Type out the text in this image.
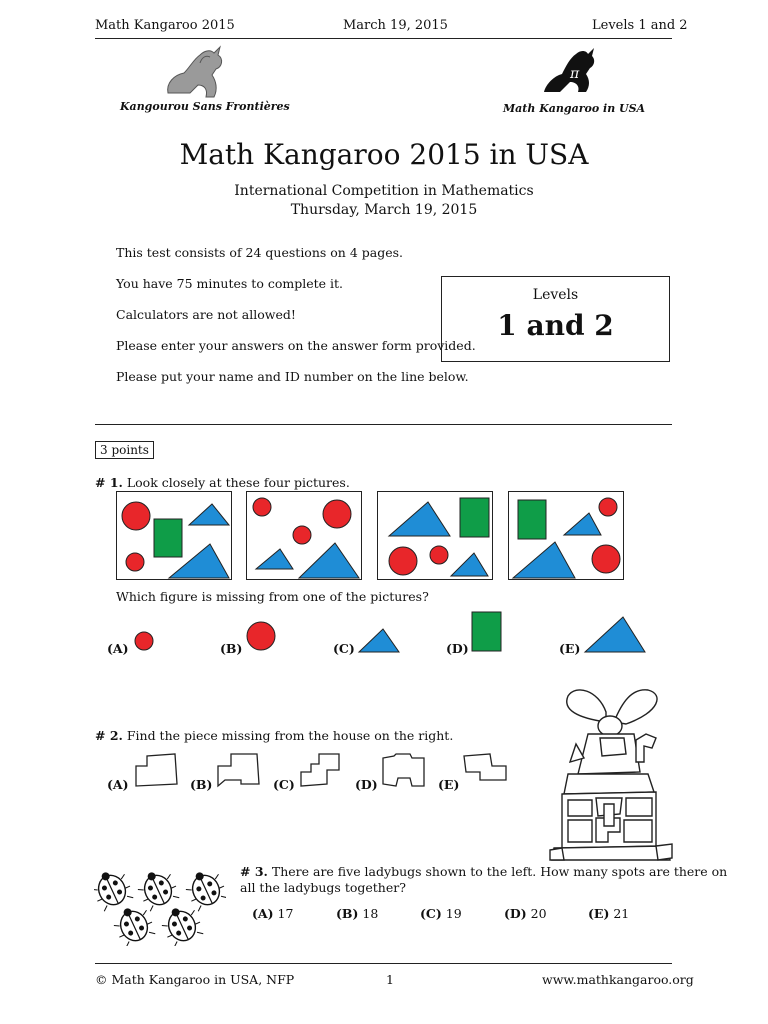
Math Kangaroo 2015	March 19, 2015	Levels 1 and 2
Kangourou Sans Frontières
π
Math Kangaroo in USA
Math Kangaroo 2015 in USA
International Competition in Mathematics
Thursday, March 19, 2015
This test consists of 24 questions on 4 pages.
You have 75 minutes to complete it.
Calculators are not allowed!
Please enter your answers on the answer form provided.
Please put your name and ID number on the line below.
Levels
1 and 2
3 points
# 1. Look closely at these four pictures.
Which figure is missing from one of the pictures?
(A)	(B)	(C)	(D)	(E)
# 2. Find the piece missing from the house on the right.
(A)	(B)	(C)	(D)	(E)
# 3. There are five ladybugs shown to the left. How many spots are there on
all the ladybugs together?
(A) 17	(B) 18	(C) 19	(D) 20	(E) 21
© Math Kangaroo in USA, NFP	1	www.mathkangaroo.org
